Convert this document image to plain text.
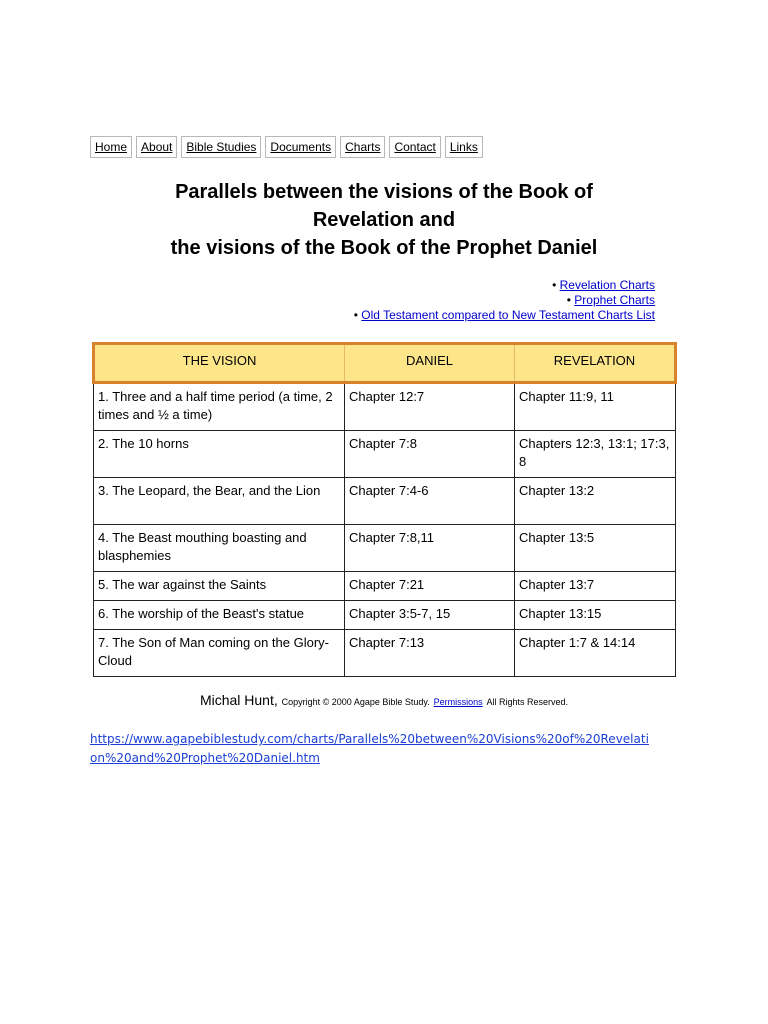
Home	About	Bible Studies	Documents	Charts	Contact	Links
Parallels between the visions of the Book of
Revelation and
the visions of the Book of the Prophet Daniel
• Revelation Charts
• Prophet Charts
• Old Testament compared to New Testament Charts List
THE VISION	DANIEL	REVELATION
1. Three and a half time period (a time, 2 times and ½ a time)	Chapter 12:7	Chapter 11:9, 11
2. The 10 horns	Chapter 7:8	Chapters 12:3, 13:1; 17:3, 8
3. The Leopard, the Bear, and the Lion	Chapter 7:4-6	Chapter 13:2
4. The Beast mouthing boasting and blasphemies	Chapter 7:8,11	Chapter 13:5
5. The war against the Saints	Chapter 7:21	Chapter 13:7
6. The worship of the Beast's statue	Chapter 3:5-7, 15	Chapter 13:15
7. The Son of Man coming on the Glory-Cloud	Chapter 7:13	Chapter 1:7 & 14:14
Michal Hunt, Copyright © 2000 Agape Bible Study. Permissions All Rights Reserved.
https://www.agapebiblestudy.com/charts/Parallels%20between%20Visions%20of%20Revelation%20and%20Prophet%20Daniel.htm
